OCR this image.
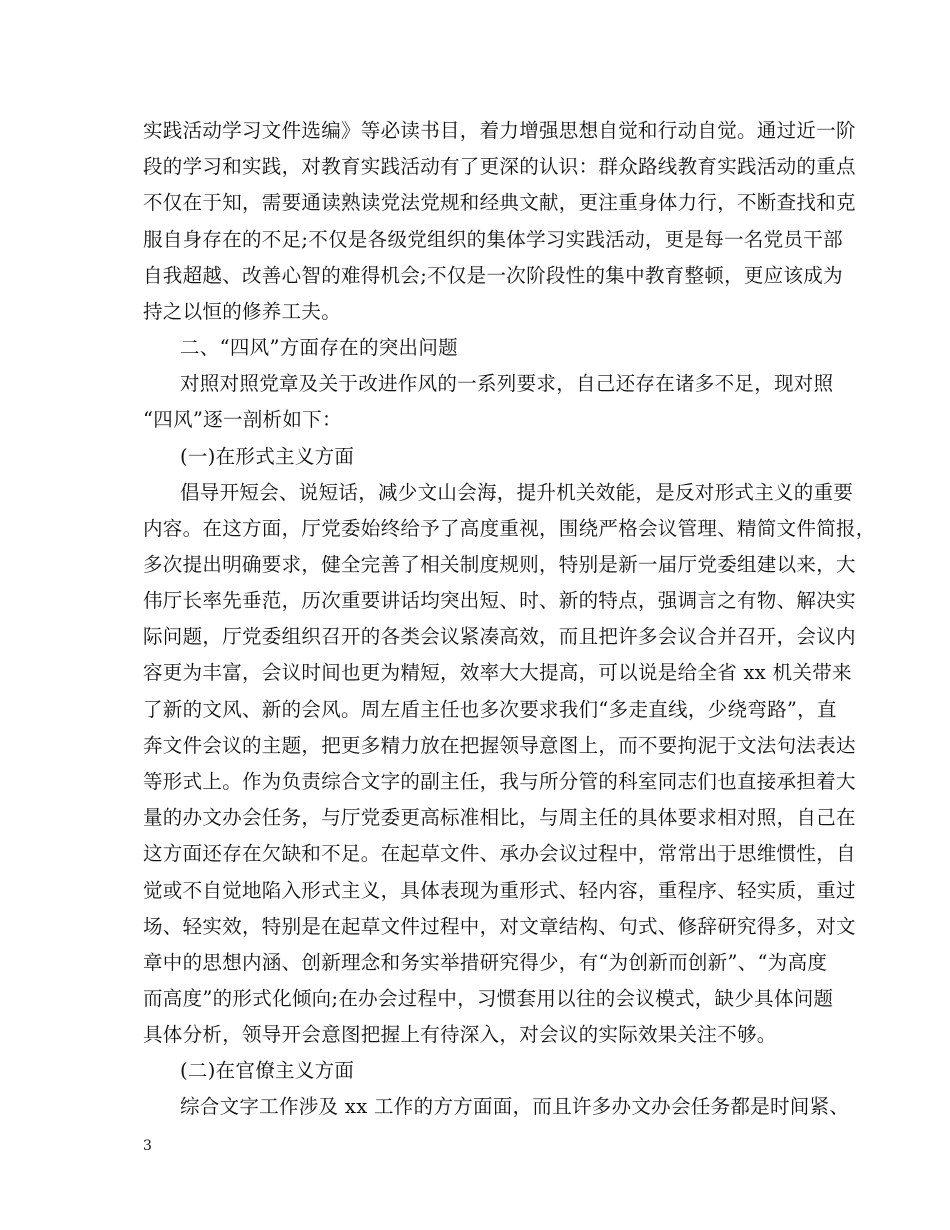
实践活动学习文件选编》等必读书目，着力增强思想自觉和行动自觉。通过近一阶
段的学习和实践，对教育实践活动有了更深的认识：群众路线教育实践活动的重点
不仅在于知，需要通读熟读党法党规和经典文献，更注重身体力行，不断查找和克
服自身存在的不足;不仅是各级党组织的集体学习实践活动，更是每一名党员干部
自我超越、改善心智的难得机会;不仅是一次阶段性的集中教育整顿，更应该成为
持之以恒的修养工夫。
二、“四风”方面存在的突出问题
对照对照党章及关于改进作风的一系列要求，自己还存在诸多不足，现对照
“四风”逐一剖析如下：
(一)在形式主义方面
倡导开短会、说短话，减少文山会海，提升机关效能，是反对形式主义的重要
内容。在这方面，厅党委始终给予了高度重视，围绕严格会议管理、精简文件简报，
多次提出明确要求，健全完善了相关制度规则，特别是新一届厅党委组建以来，大
伟厅长率先垂范，历次重要讲话均突出短、时、新的特点，强调言之有物、解决实
际问题，厅党委组织召开的各类会议紧凑高效，而且把许多会议合并召开，会议内
容更为丰富，会议时间也更为精短，效率大大提高，可以说是给全省 xx 机关带来
了新的文风、新的会风。周左盾主任也多次要求我们“多走直线，少绕弯路”，直
奔文件会议的主题，把更多精力放在把握领导意图上，而不要拘泥于文法句法表达
等形式上。作为负责综合文字的副主任，我与所分管的科室同志们也直接承担着大
量的办文办会任务，与厅党委更高标准相比，与周主任的具体要求相对照，自己在
这方面还存在欠缺和不足。在起草文件、承办会议过程中，常常出于思维惯性，自
觉或不自觉地陷入形式主义，具体表现为重形式、轻内容，重程序、轻实质，重过
场、轻实效，特别是在起草文件过程中，对文章结构、句式、修辞研究得多，对文
章中的思想内涵、创新理念和务实举措研究得少，有“为创新而创新”、“为高度
而高度”的形式化倾向;在办会过程中，习惯套用以往的会议模式，缺少具体问题
具体分析，领导开会意图把握上有待深入，对会议的实际效果关注不够。
(二)在官僚主义方面
综合文字工作涉及 xx 工作的方方面面，而且许多办文办会任务都是时间紧、
3
